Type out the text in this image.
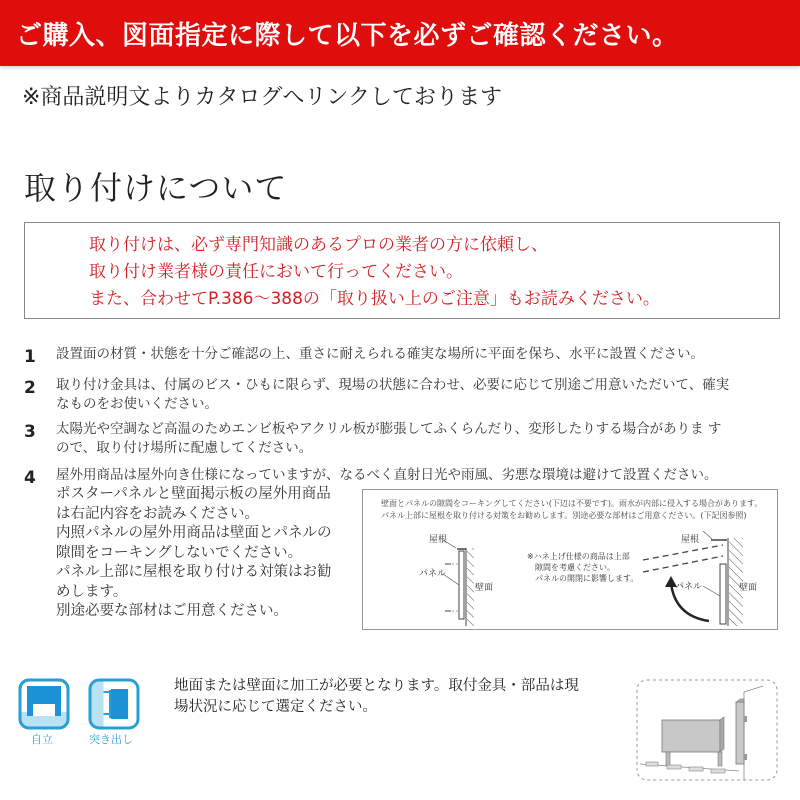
ご購入、図面指定に際して以下を必ずご確認ください。
※商品説明文よりカタログへリンクしております
取り付けについて
取り付けは、必ず専門知識のあるプロの業者の方に依頼し、
取り付け業者様の責任において行ってください。
また、合わせてP.386～388の「取り扱い上のご注意」もお読みください。
1 設置面の材質・状態を十分ご確認の上、重さに耐えられる確実な場所に平面を保ち、水平に設置ください。
2 取り付け金具は、付属のビス・ひもに限らず、現場の状態に合わせ、必要に応じて別途ご用意いただいて、確実
なものをお使いください。
3 太陽光や空調など高温のためエンビ板やアクリル板が膨張してふくらんだり、変形したりする場合がありま す
ので、取り付け場所に配慮してください。
4 屋外用商品は屋外向き仕様になっていますが、なるべく直射日光や雨風、劣悪な環境は避けて設置ください。
ポスターパネルと壁面掲示板の屋外用商品
は右記内容をお読みください。
内照パネルの屋外用商品は壁面とパネルの
隙間をコーキングしないでください。
パネル上部に屋根を取り付ける対策はお勧
めします。
別途必要な部材はご用意ください。
壁面とパネルの隙間をコーキングしてください(下辺は不要です)。雨水が内部に侵入する場合があります。
パネル上部に屋根を取り付ける対策をお勧めします。別途必要な部材はご用意ください。(下記図参照)
屋根
パネル
壁面
屋根
パネル	壁面
※ハネ上げ仕様の商品は上部
隙間を考慮ください。
パネルの開閉に影響します。
自立	突き出し
地面または壁面に加工が必要となります。取付金具・部品は現
場状況に応じて選定ください。
